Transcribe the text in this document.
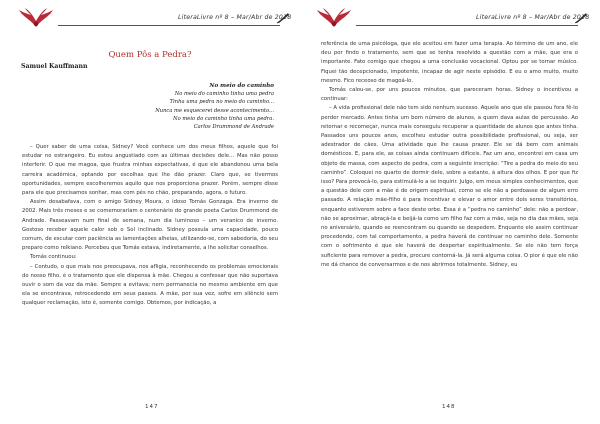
LiteraLivre nº 8 – Mar/Abr de 2018
Quem Pôs a Pedra?
Samuel Kauffmann
No meio do caminho
No meio do caminho tinha uma pedra
Tinha uma pedra no meio do caminho...
Nunca me esquecerei desse acontecimento...
No meio do caminho tinha uma pedra.
Carlos Drummond de Andrade

– Quer saber de uma coisa, Sidney? Você conhece um dos meus filhos, aquele que foi estudar no estrangeiro. Eu estou angustiado com as últimas decisões dele… Mas não posso interferir. O que me magoa, que frustra minhas expectativas, é que ele abandonou uma bela carreira acadêmica, optando por escolhas que lhe dão prazer. Claro que, se tivermos oportunidades, sempre escolheremos aquilo que nos proporciona prazer. Porém, sempre disse para ele que precisamos sonhar, mas com pés no chão, preparando, agora, o futuro.

Assim desabafava, com o amigo Sidney Moura, o idoso Tomás Gonzaga. Era inverno de 2002. Mais três meses e se comemorariam o centenário do grande poeta Carlos Drummond de Andrade. Passeavam num final de semana, num dia luminoso – um veranico de inverno. Gostoso receber aquele calor sob o Sol inclinado. Sidney possuía uma capacidade, pouco comum, de escutar com paciência as lamentações alheias, utilizando-se, com sabedoria, do seu preparo como relkiano. Percebeu que Tomás estava, indiretamente, a lhe solicitar conselhos.

Tomás continuou:

– Contudo, o que mais nos preocupava, nos afligia, reconhecendo os problemas emocionais do nosso filho, é o tratamento que ele dispensa à mãe. Chegou a confessar que não suportava ouvir o som da voz da mãe. Sempre a evitava; nem permanecia no mesmo ambiente em que ela se encontrava, retrocedendo em seus passos. A mãe, por sua vez, sofre em silêncio sem qualquer reclamação, isto é, somente comigo. Obtemos, por indicação, a

147
LiteraLivre nº 8 – Mar/Abr de 2018

referência de uma psicóloga, que ele aceitou em fazer uma terapia. Ao término de um ano, ele deu por findo o tratamento, sem que se tenha resolvido a questão com a mãe, que era o importante. Fato comigo que chegou a uma conclusão vocacional. Optou por se tornar músico. Fiquei tão decepcionado, impotente, incapaz de agir neste episódio. E eu o amo muito, muito mesmo. Fico receoso de magoá-lo.

Tomás calou-se, por uns poucos minutos, que pareceram horas. Sidney o incentivou a continuar:

– A vida profissional dele não tem sido nenhum sucesso. Aquele ano que ele passou fora fê-lo perder mercado. Antes tinha um bom número de alunos, a quem dava aulas de percussão. Ao retornar e recomeçar, nunca mais conseguiu recuperar a quantidade de alunos que antes tinha. Passados uns poucos anos, escolheu estudar outra possibilidade profissional, ou seja, ser adestrador de cães. Uma atividade que lhe causa prazer. Ele se dá bem com animais domésticos. E, para ele, as coisas ainda continuam difíceis. Faz um ano, encontrei em casa um objeto de massa, com aspecto de pedra, com a seguinte inscrição: “Tire a pedra do meio do seu caminho”. Coloquei no quarto de dormir dele, sobre a estante, à altura dos olhos. E por que fiz isso? Para provocá-lo, para estimulá-lo a se inquirir. Julgo, em meus simples conhecimentos, que a questão dele com a mãe é de origem espiritual, como se ele não a perdoasse de algum erro passado. A relação mãe-filho é para incentivar e elevar o amor entre dois seres transitórios, enquanto estiverem sobre a face deste orbe. Essa é a “pedra no caminho” dele: não a perdoar, não se aproximar, abraçá-la e beijá-la como um filho faz com a mãe, seja no dia das mães, seja no aniversário, quando se reencontram ou quando se despedem. Enquanto ele assim continuar procedendo, com tal comportamento, a pedra haverá de continuar no caminho dele. Somente com o sofrimento é que ele haverá de despertar espiritualmente. Se ele não tem força suficiente para remover a pedra, procure contorná-la. Já será alguma coisa. O pior é que ele não me dá chance de conversarmos e de nos abrirmos totalmente. Sidney, eu

148
